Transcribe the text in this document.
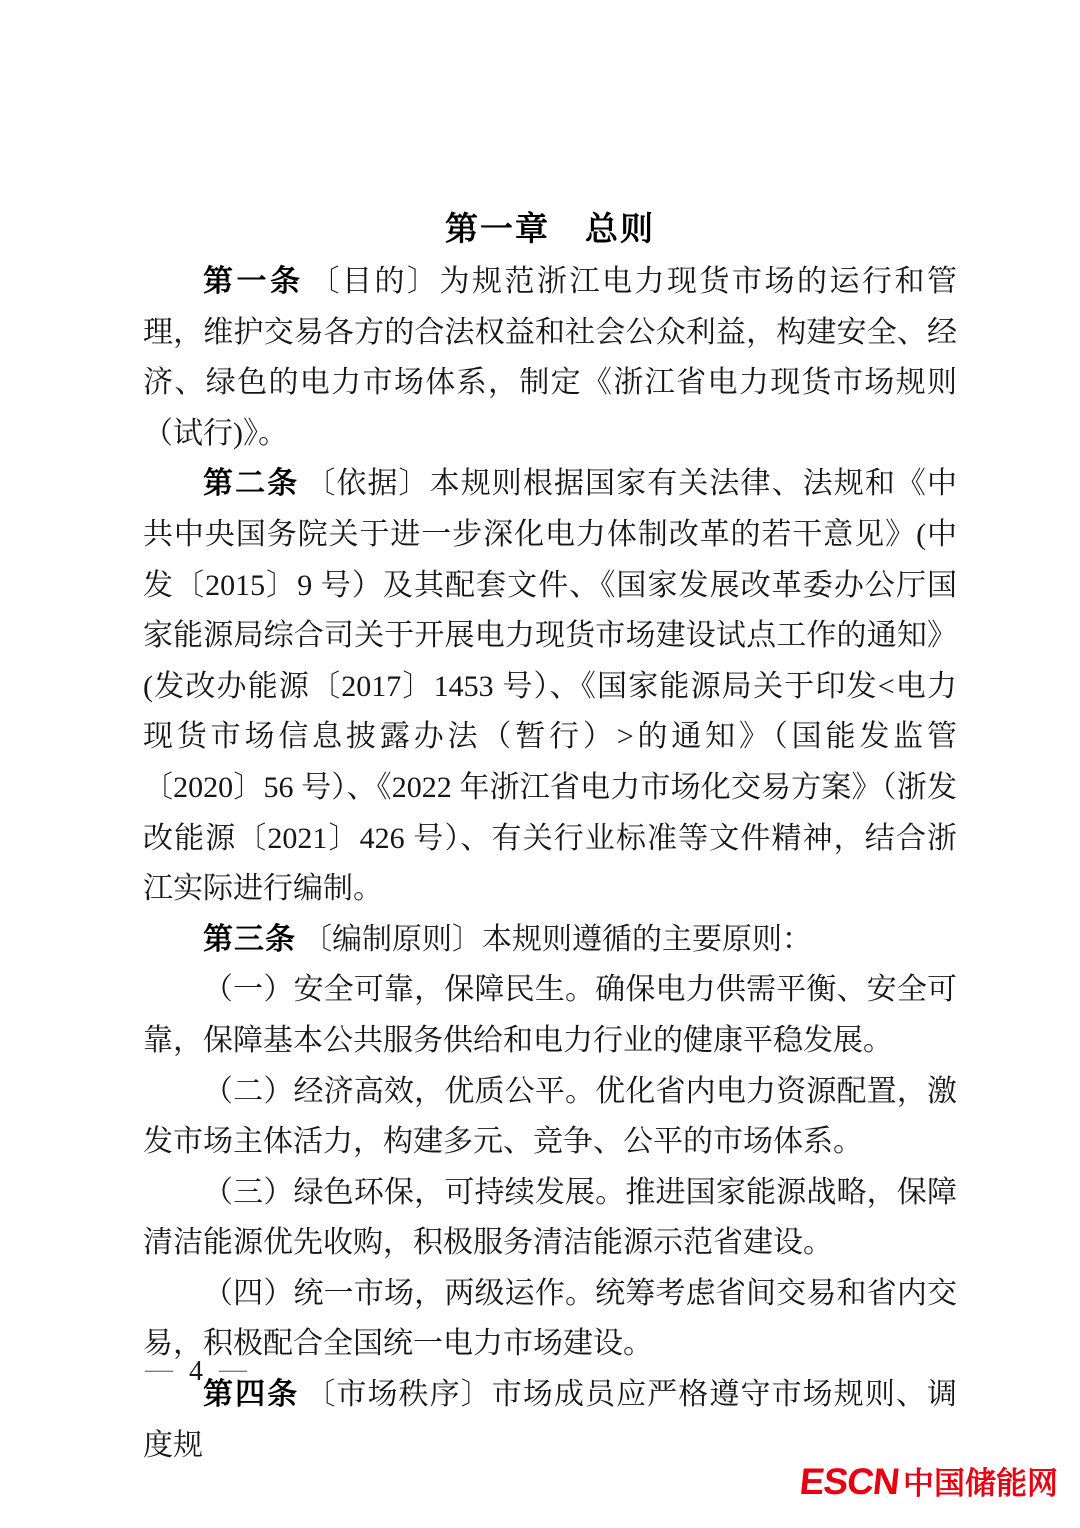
第一章　总则

第一条 〔目的〕为规范浙江电力现货市场的运行和管理，维护交易各方的合法权益和社会公众利益，构建安全、经济、绿色的电力市场体系，制定《浙江省电力现货市场规则（试行)》。

第二条 〔依据〕本规则根据国家有关法律、法规和《中共中央国务院关于进一步深化电力体制改革的若干意见》(中发〔2015〕9 号）及其配套文件、《国家发展改革委办公厅国家能源局综合司关于开展电力现货市场建设试点工作的通知》(发改办能源〔2017〕1453 号）、《国家能源局关于印发<电力现货市场信息披露办法（暂行）>的通知》（国能发监管〔2020〕56 号）、《2022 年浙江省电力市场化交易方案》（浙发改能源〔2021〕426 号）、有关行业标准等文件精神，结合浙江实际进行编制。

第三条 〔编制原则〕本规则遵循的主要原则：

（一）安全可靠，保障民生。确保电力供需平衡、安全可靠，保障基本公共服务供给和电力行业的健康平稳发展。

（二）经济高效，优质公平。优化省内电力资源配置，激发市场主体活力，构建多元、竞争、公平的市场体系。

（三）绿色环保，可持续发展。推进国家能源战略，保障清洁能源优先收购，积极服务清洁能源示范省建设。

（四）统一市场，两级运作。统筹考虑省间交易和省内交易，积极配合全国统一电力市场建设。

第四条 〔市场秩序〕市场成员应严格遵守市场规则、调度规

— 4 —
ESCN 中国储能网
